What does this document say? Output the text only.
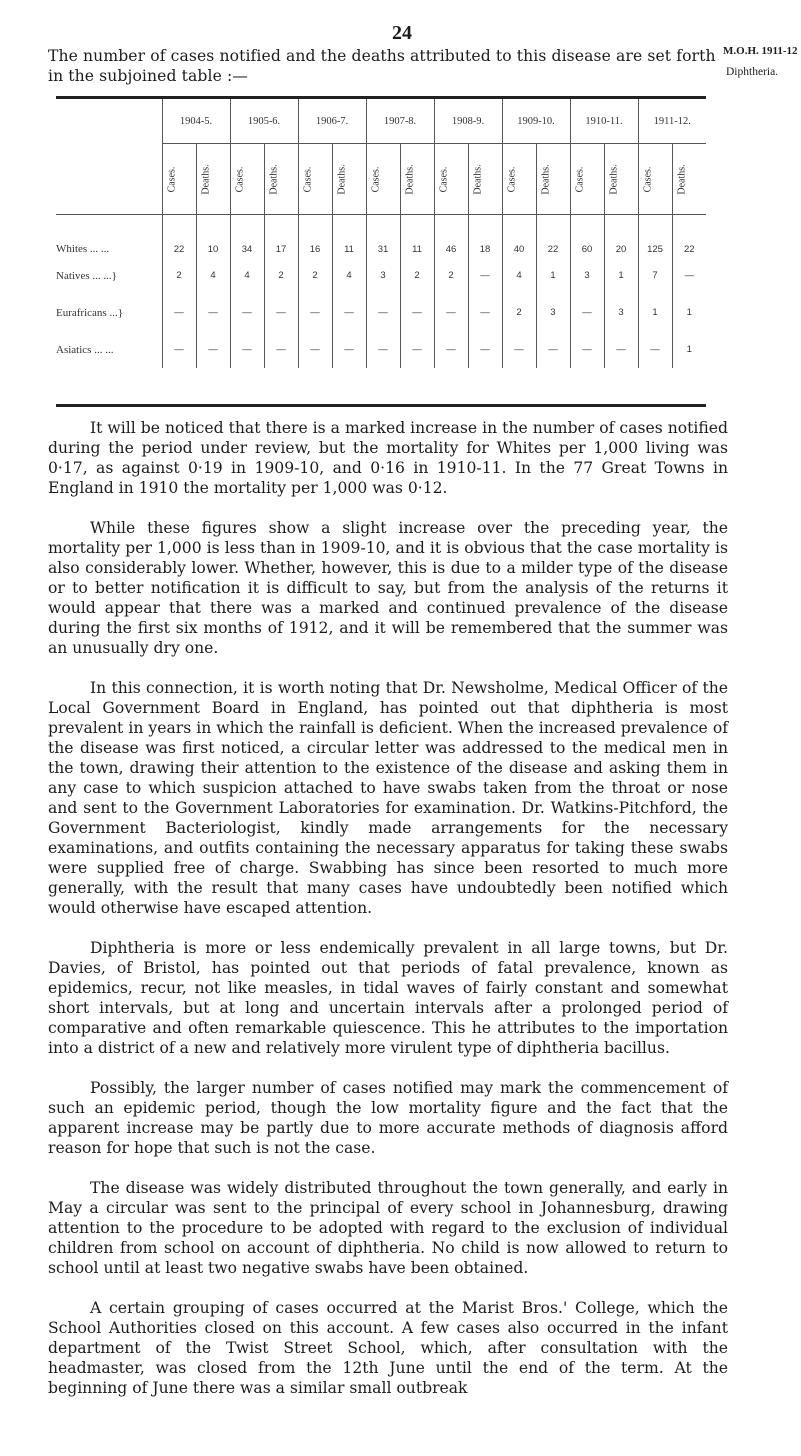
24
The number of cases notified and the deaths attributed to this disease are set forth in the subjoined table :—
M.O.H. 1911-12
Diphtheria.
	1904-5.		1905-6.		1906-7.		1907-8.		1908-9.		1909-10.		1910-11.		1911-12.	

	Cases.	Deaths.	Cases.	Deaths.	Cases.	Deaths.	Cases.	Deaths.	Cases.	Deaths.	Cases.	Deaths.	Cases.	Deaths.	Cases.	Deaths.

Whites ... ...	22	10	34	17	16	11	31	11	46	18	40	22	60	20	125	22
Natives ... ...}	2	4	4	2	2	4	3	2	2	—	4	1	3	1	7	—
Eurafricans ...}	—	—	—	—	—	—	—	—	—	—	2	3	—	3	1	1
Asiatics ... ...	—	—	—	—	—	—	—	—	—	—	—	—	—	—	—	1

It will be noticed that there is a marked increase in the number of cases notified during the period under review, but the mortality for Whites per 1,000 living was 0·17, as against 0·19 in 1909-10, and 0·16 in 1910-11. In the 77 Great Towns in England in 1910 the mortality per 1,000 was 0·12.

While these figures show a slight increase over the preceding year, the mortality per 1,000 is less than in 1909-10, and it is obvious that the case mortality is also considerably lower. Whether, however, this is due to a milder type of the disease or to better notification it is difficult to say, but from the analysis of the returns it would appear that there was a marked and continued prevalence of the disease during the first six months of 1912, and it will be remembered that the summer was an unusually dry one.

In this connection, it is worth noting that Dr. Newsholme, Medical Officer of the Local Government Board in England, has pointed out that diphtheria is most prevalent in years in which the rainfall is deficient. When the increased prevalence of the disease was first noticed, a circular letter was addressed to the medical men in the town, drawing their attention to the existence of the disease and asking them in any case to which suspicion attached to have swabs taken from the throat or nose and sent to the Government Laboratories for examination. Dr. Watkins-Pitchford, the Government Bacteriologist, kindly made arrangements for the necessary examinations, and outfits containing the necessary apparatus for taking these swabs were supplied free of charge. Swabbing has since been resorted to much more generally, with the result that many cases have undoubtedly been notified which would otherwise have escaped attention.

Diphtheria is more or less endemically prevalent in all large towns, but Dr. Davies, of Bristol, has pointed out that periods of fatal prevalence, known as epidemics, recur, not like measles, in tidal waves of fairly constant and somewhat short intervals, but at long and uncertain intervals after a prolonged period of comparative and often remarkable quiescence. This he attributes to the importation into a district of a new and relatively more virulent type of diphtheria bacillus.

Possibly, the larger number of cases notified may mark the commencement of such an epidemic period, though the low mortality figure and the fact that the apparent increase may be partly due to more accurate methods of diagnosis afford reason for hope that such is not the case.

The disease was widely distributed throughout the town generally, and early in May a circular was sent to the principal of every school in Johannesburg, drawing attention to the procedure to be adopted with regard to the exclusion of individual children from school on account of diphtheria. No child is now allowed to return to school until at least two negative swabs have been obtained.

A certain grouping of cases occurred at the Marist Bros.' College, which the School Authorities closed on this account. A few cases also occurred in the infant department of the Twist Street School, which, after consultation with the headmaster, was closed from the 12th June until the end of the term. At the beginning of June there was a similar small outbreak
